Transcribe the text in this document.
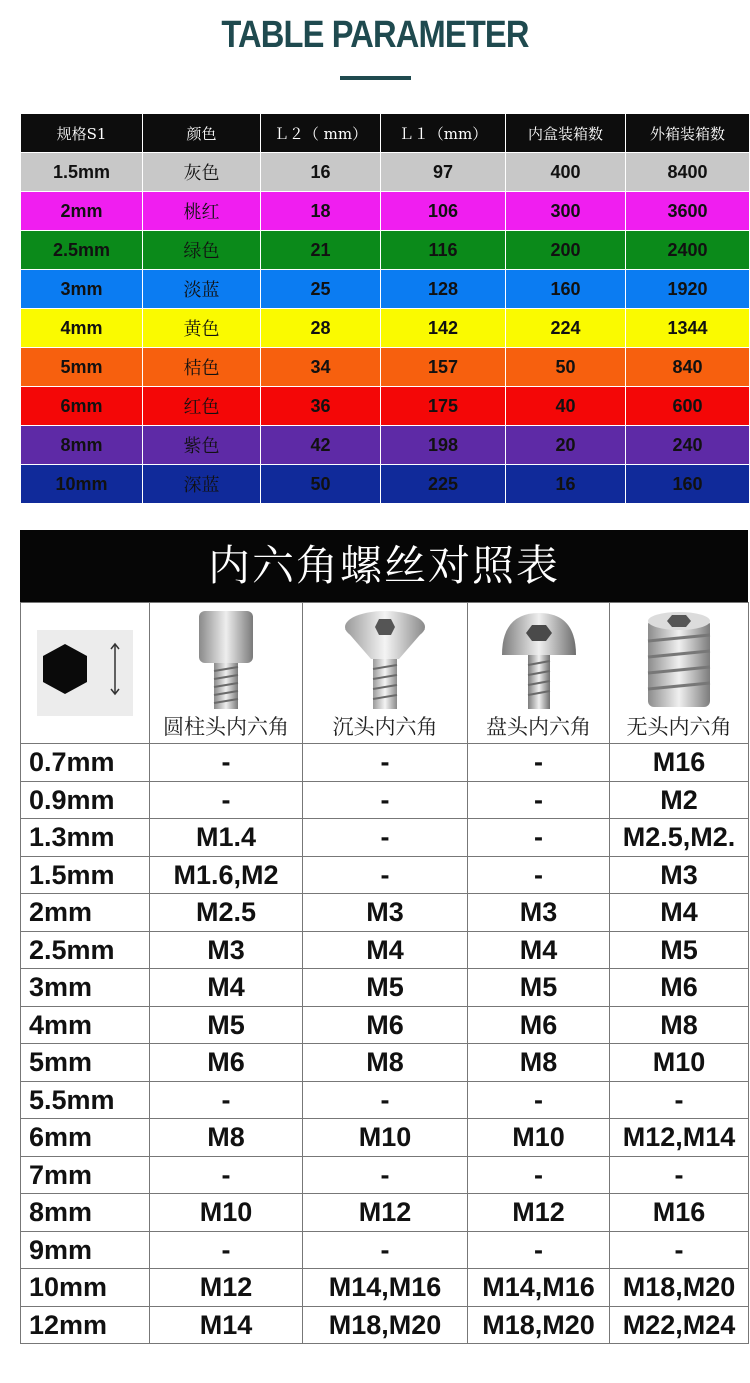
TABLE PARAMETER
规格S1	颜色	Ｌ２（ mm）	Ｌ１（mm）	内盒装箱数	外箱装箱数
1.5mm	灰色	16	97	400	8400
2mm	桃红	18	106	300	3600
2.5mm	绿色	21	116	200	2400
3mm	淡蓝	25	128	160	1920
4mm	黄色	28	142	224	1344
5mm	桔色	34	157	50	840
6mm	红色	36	175	40	600
8mm	紫色	42	198	20	240
10mm	深蓝	50	225	16	160
内六角螺丝对照表

圆柱头内六角	沉头内六角	盘头内六角	无头内六角

0.7mm	-	-	-	M16
0.9mm	-	-	-	M2
1.3mm	M1.4	-	-	M2.5,M2.
1.5mm	M1.6,M2	-	-	M3
2mm	M2.5	M3	M3	M4
2.5mm	M3	M4	M4	M5
3mm	M4	M5	M5	M6
4mm	M5	M6	M6	M8
5mm	M6	M8	M8	M10
5.5mm	-	-	-	-
6mm	M8	M10	M10	M12,M14
7mm	-	-	-	-
8mm	M10	M12	M12	M16
9mm	-	-	-	-
10mm	M12	M14,M16	M14,M16	M18,M20
12mm	M14	M18,M20	M18,M20	M22,M24
